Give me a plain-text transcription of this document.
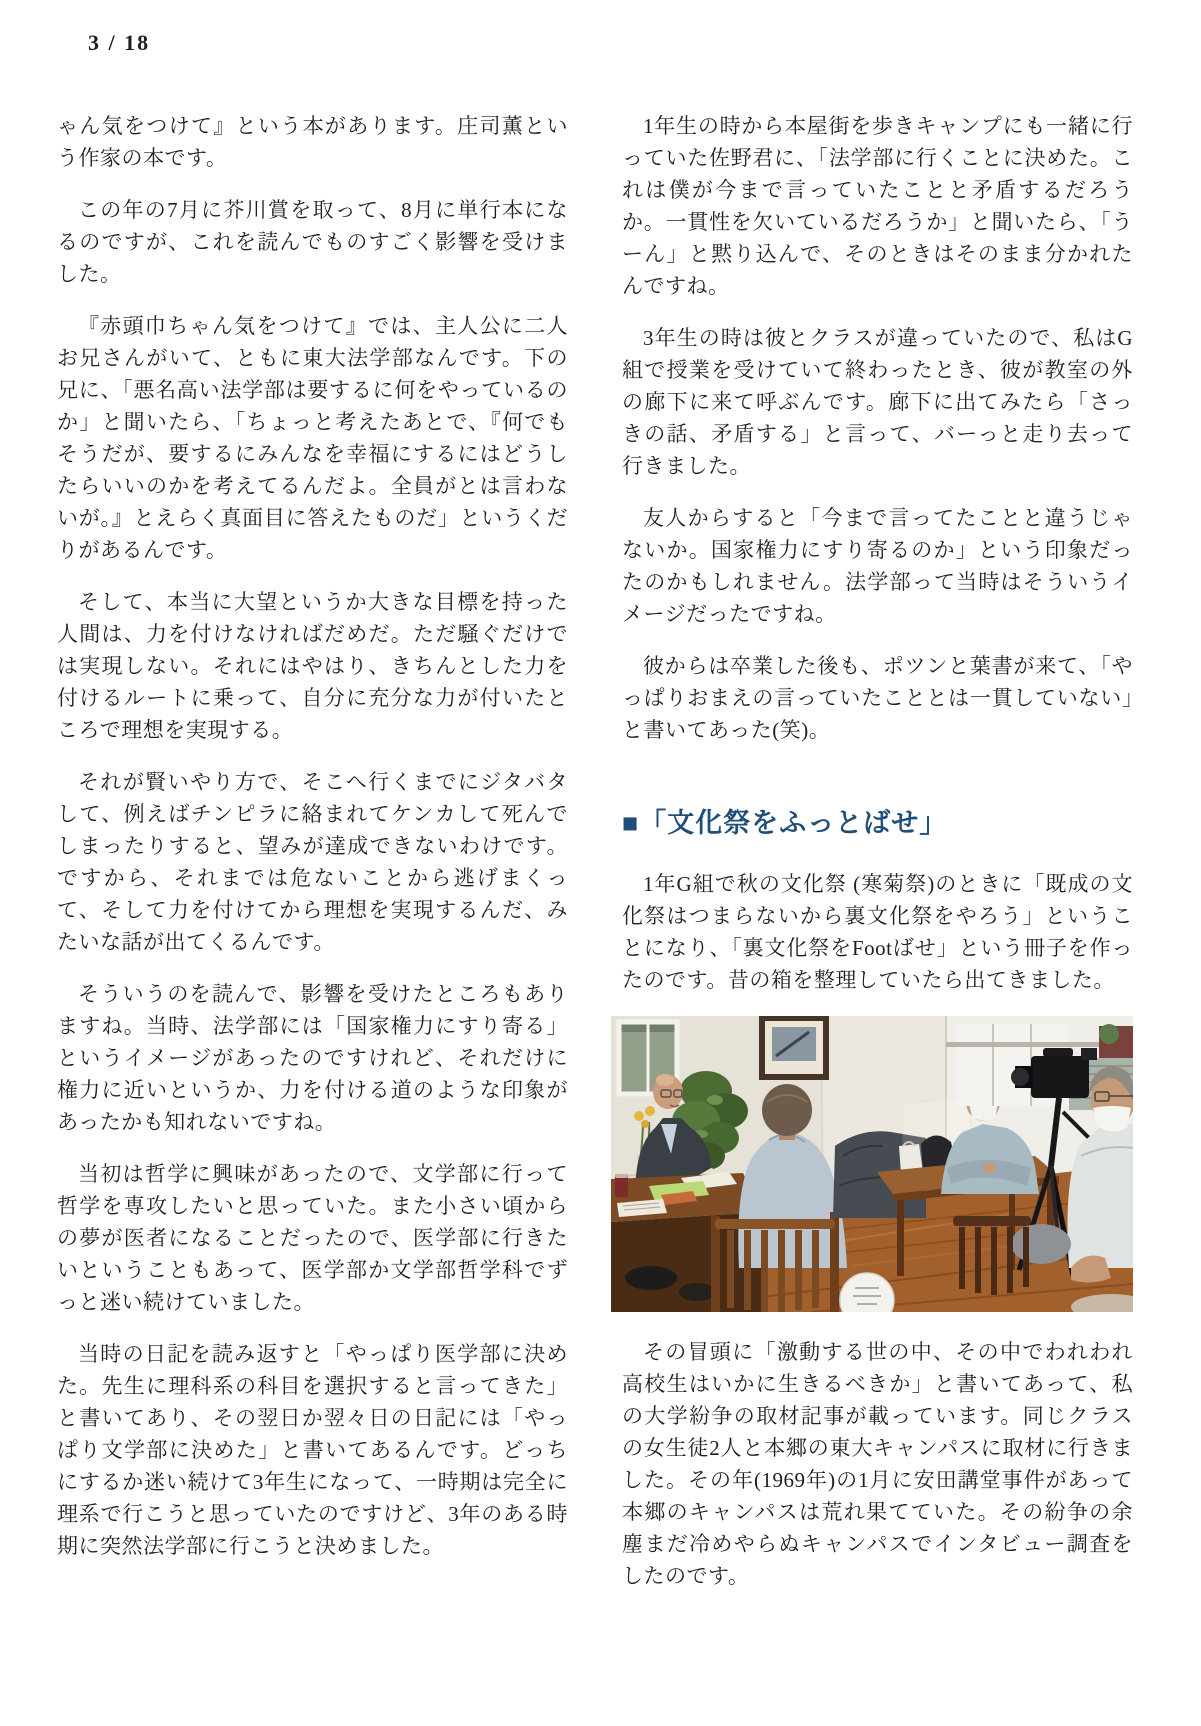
3 / 18

ゃん気をつけて』という本があります。庄司薫という作家の本です。

この年の7月に芥川賞を取って、8月に単行本になるのですが、これを読んでものすごく影響を受けました。

『赤頭巾ちゃん気をつけて』では、主人公に二人お兄さんがいて、ともに東大法学部なんです。下の兄に、「悪名高い法学部は要するに何をやっているのか」と聞いたら、「ちょっと考えたあとで、『何でもそうだが、要するにみんなを幸福にするにはどうしたらいいのかを考えてるんだよ。全員がとは言わないが。』とえらく真面目に答えたものだ」というくだりがあるんです。

そして、本当に大望というか大きな目標を持った人間は、力を付けなければだめだ。ただ騒ぐだけでは実現しない。それにはやはり、きちんとした力を付けるルートに乗って、自分に充分な力が付いたところで理想を実現する。

それが賢いやり方で、そこへ行くまでにジタバタして、例えばチンピラに絡まれてケンカして死んでしまったりすると、望みが達成できないわけです。ですから、それまでは危ないことから逃げまくって、そして力を付けてから理想を実現するんだ、みたいな話が出てくるんです。

そういうのを読んで、影響を受けたところもありますね。当時、法学部には「国家権力にすり寄る」というイメージがあったのですけれど、それだけに権力に近いというか、力を付ける道のような印象があったかも知れないですね。

当初は哲学に興味があったので、文学部に行って哲学を専攻したいと思っていた。また小さい頃からの夢が医者になることだったので、医学部に行きたいということもあって、医学部か文学部哲学科でずっと迷い続けていました。

当時の日記を読み返すと「やっぱり医学部に決めた。先生に理科系の科目を選択すると言ってきた」と書いてあり、その翌日か翌々日の日記には「やっぱり文学部に決めた」と書いてあるんです。どっちにするか迷い続けて3年生になって、一時期は完全に理系で行こうと思っていたのですけど、3年のある時期に突然法学部に行こうと決めました。

1年生の時から本屋街を歩きキャンプにも一緒に行っていた佐野君に、「法学部に行くことに決めた。これは僕が今まで言っていたことと矛盾するだろうか。一貫性を欠いているだろうか」と聞いたら、「うーん」と黙り込んで、そのときはそのまま分かれたんですね。

3年生の時は彼とクラスが違っていたので、私はG組で授業を受けていて終わったとき、彼が教室の外の廊下に来て呼ぶんです。廊下に出てみたら「さっきの話、矛盾する」と言って、バーっと走り去って行きました。

友人からすると「今まで言ってたことと違うじゃないか。国家権力にすり寄るのか」という印象だったのかもしれません。法学部って当時はそういうイメージだったですね。

彼からは卒業した後も、ポツンと葉書が来て、「やっぱりおまえの言っていたこととは一貫していない」と書いてあった(笑)。

■「文化祭をふっとばせ」

1年G組で秋の文化祭 (寒菊祭)のときに「既成の文化祭はつまらないから裏文化祭をやろう」ということになり、「裏文化祭をFootばせ」という冊子を作ったのです。昔の箱を整理していたら出てきました。

その冒頭に「激動する世の中、その中でわれわれ高校生はいかに生きるべきか」と書いてあって、私の大学紛争の取材記事が載っています。同じクラスの女生徒2人と本郷の東大キャンパスに取材に行きました。その年(1969年)の1月に安田講堂事件があって本郷のキャンパスは荒れ果てていた。その紛争の余塵まだ冷めやらぬキャンパスでインタビュー調査をしたのです。
